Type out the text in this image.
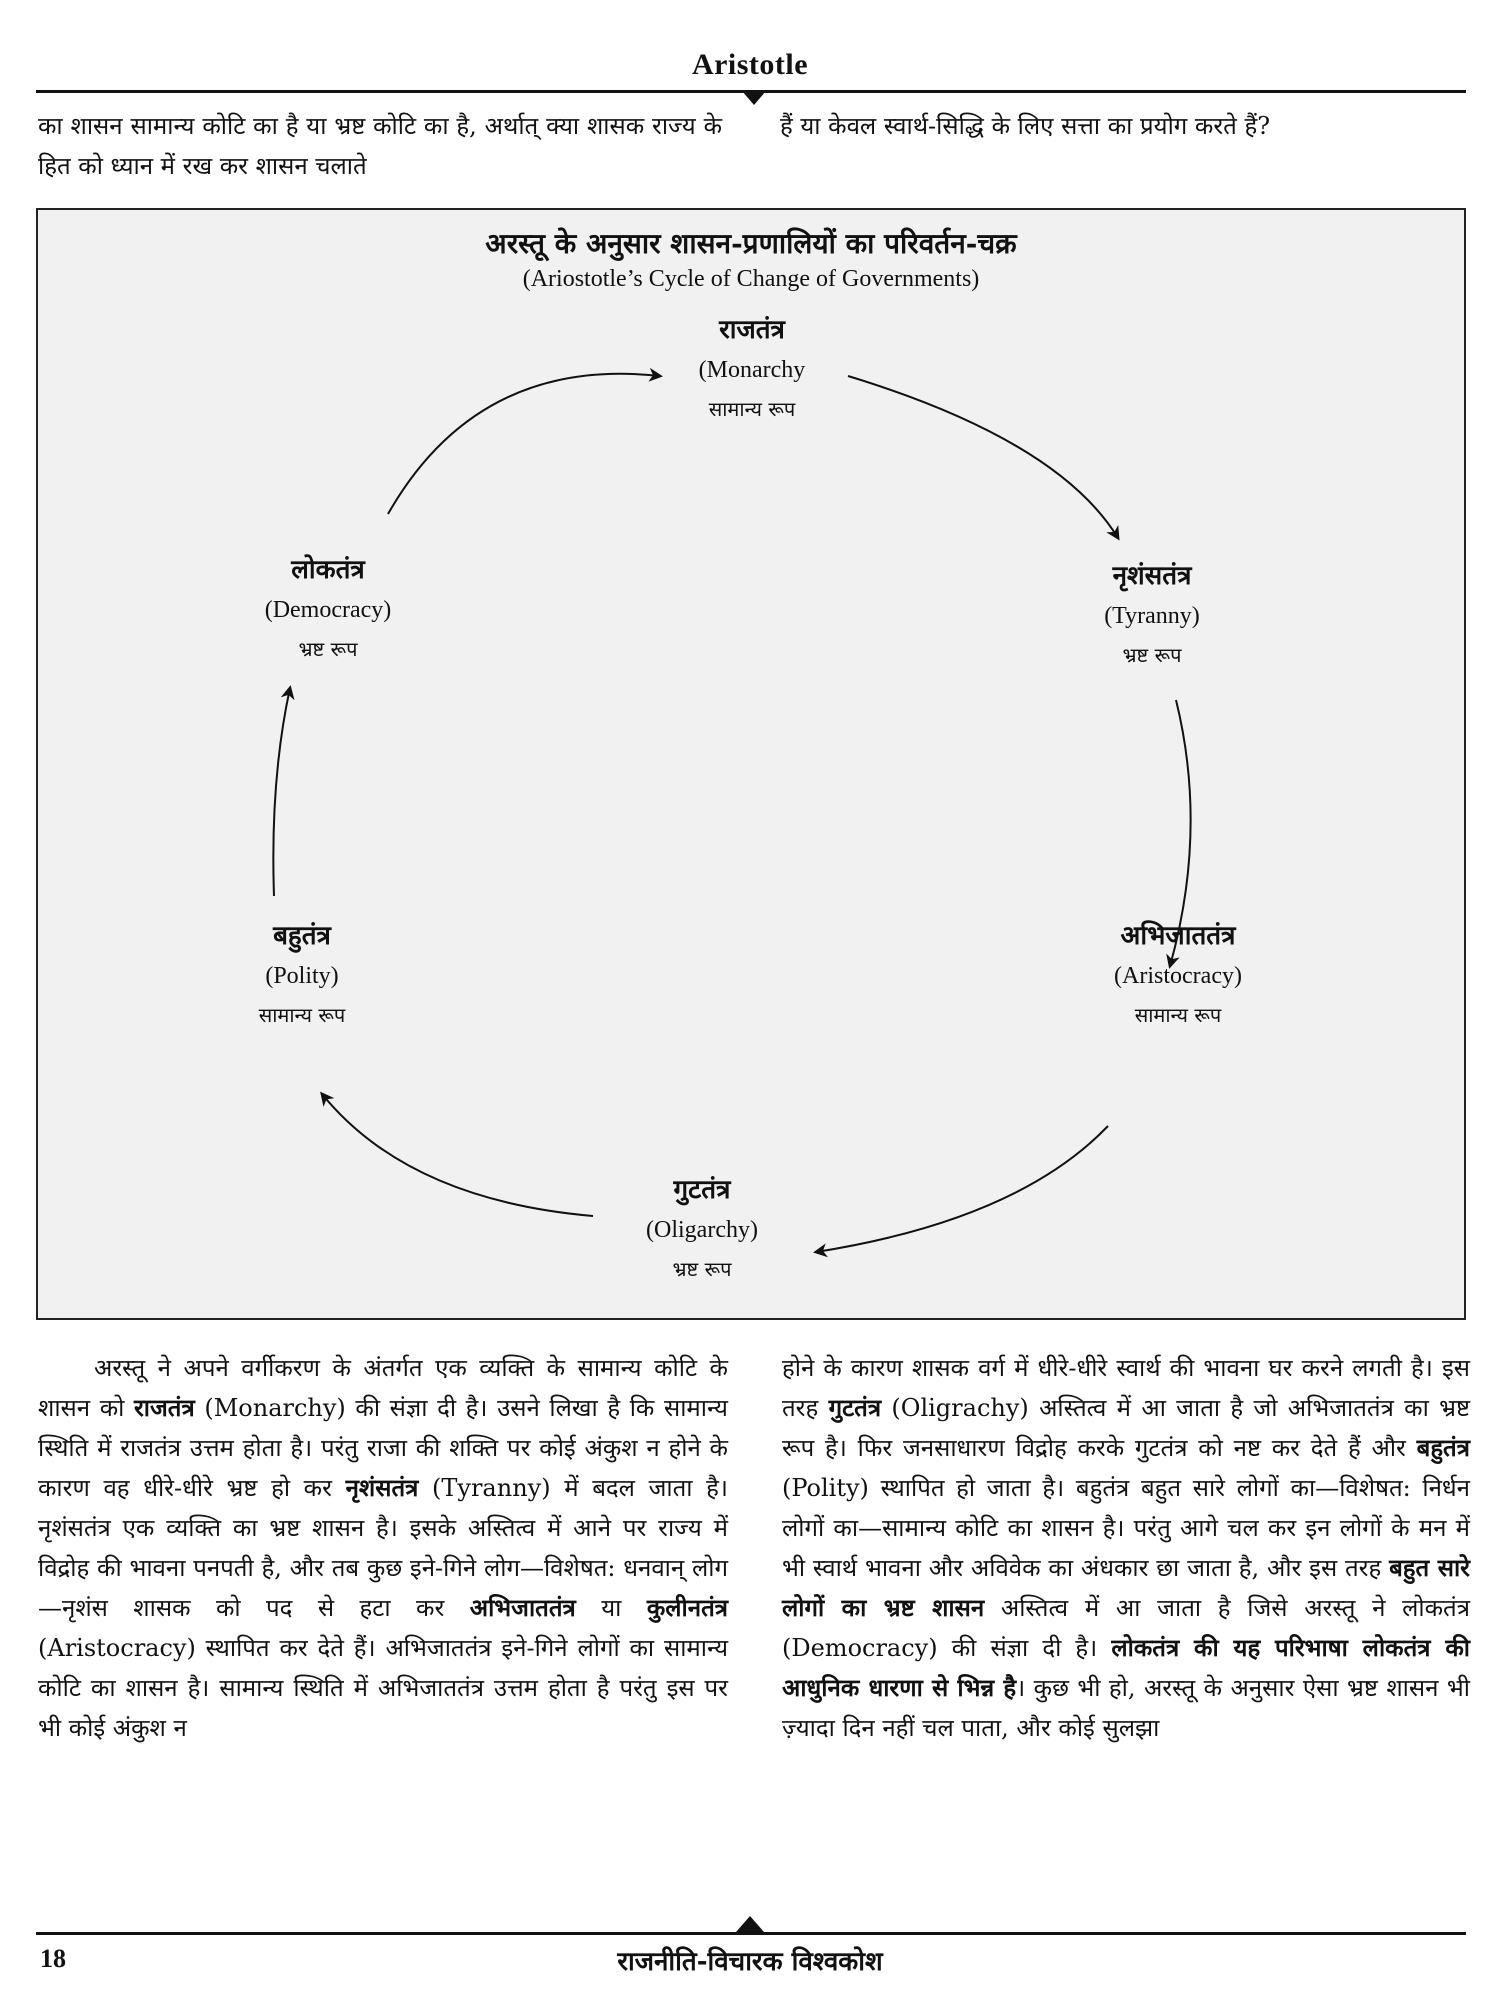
Aristotle

का शासन सामान्य कोटि का है या भ्रष्ट कोटि का है, अर्थात् क्या शासक राज्य के हित को ध्यान में रख कर शासन चलाते

हैं या केवल स्वार्थ-सिद्धि के लिए सत्ता का प्रयोग करते हैं?

अरस्तू के अनुसार शासन-प्रणालियों का परिवर्तन-चक्र
(Ariostotle’s Cycle of Change of Governments)
राजतंत्र
(Monarchy
सामान्य रूप
नृशंसतंत्र
(Tyranny)
भ्रष्ट रूप
अभिजाततंत्र
(Aristocracy)
सामान्य रूप
गुटतंत्र
(Oligarchy)
भ्रष्ट रूप
बहुतंत्र
(Polity)
सामान्य रूप
लोकतंत्र
(Democracy)
भ्रष्ट रूप

अरस्तू ने अपने वर्गीकरण के अंतर्गत एक व्यक्ति के सामान्य कोटि के शासन को राजतंत्र (Monarchy) की संज्ञा दी है। उसने लिखा है कि सामान्य स्थिति में राजतंत्र उत्तम होता है। परंतु राजा की शक्ति पर कोई अंकुश न होने के कारण वह धीरे-धीरे भ्रष्ट हो कर नृशंसतंत्र (Tyranny) में बदल जाता है। नृशंसतंत्र एक व्यक्ति का भ्रष्ट शासन है। इसके अस्तित्व में आने पर राज्य में विद्रोह की भावना पनपती है, और तब कुछ इने-गिने लोग—विशेषत: धनवान् लोग—नृशंस शासक को पद से हटा कर अभिजाततंत्र या कुलीनतंत्र (Aristocracy) स्थापित कर देते हैं। अभिजाततंत्र इने-गिने लोगों का सामान्य कोटि का शासन है। सामान्य स्थिति में अभिजाततंत्र उत्तम होता है परंतु इस पर भी कोई अंकुश न

होने के कारण शासक वर्ग में धीरे-धीरे स्वार्थ की भावना घर करने लगती है। इस तरह गुटतंत्र (Oligrachy) अस्तित्व में आ जाता है जो अभिजाततंत्र का भ्रष्ट रूप है। फिर जनसाधारण विद्रोह करके गुटतंत्र को नष्ट कर देते हैं और बहुतंत्र (Polity) स्थापित हो जाता है। बहुतंत्र बहुत सारे लोगों का—विशेषत: निर्धन लोगों का—सामान्य कोटि का शासन है। परंतु आगे चल कर इन लोगों के मन में भी स्वार्थ भावना और अविवेक का अंधकार छा जाता है, और इस तरह बहुत सारे लोगों का भ्रष्ट शासन अस्तित्व में आ जाता है जिसे अरस्तू ने लोकतंत्र (Democracy) की संज्ञा दी है। लोकतंत्र की यह परिभाषा लोकतंत्र की आधुनिक धारणा से भिन्न है। कुछ भी हो, अरस्तू के अनुसार ऐसा भ्रष्ट शासन भी ज़्यादा दिन नहीं चल पाता, और कोई सुलझा

18	राजनीति-विचारक विश्वकोश
